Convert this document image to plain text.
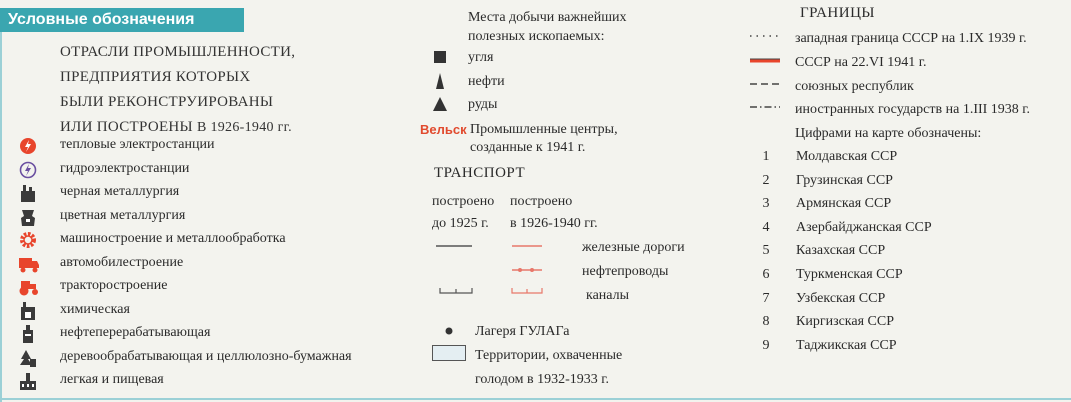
Условные обозначения
ОТРАСЛИ ПРОМЫШЛЕННОСТИ,
ПРЕДПРИЯТИЯ КОТОРЫХ
БЫЛИ РЕКОНСТРУИРОВАНЫ
ИЛИ ПОСТРОЕНЫ В 1926-1940 гг.
тепловые электростанции
гидроэлектростанции
черная металлургия
цветная металлургия
машиностроение и металлообработка
автомобилестроение
тракторостроение
химическая
нефтеперерабатывающая
деревообрабатывающая и целлюлозно-бумажная
легкая и пищевая
Места добычи важнейших
полезных ископаемых:
угля
нефти
руды
Вельск Промышленные центры,
созданные к 1941 г.
ТРАНСПОРТ
построено
до 1925 г.
построено
в 1926-1940 гг.
железные дороги
нефтепроводы
каналы
Лагеря ГУЛАГа
Территории, охваченные
голодом в 1932-1933 г.
ГРАНИЦЫ
западная граница СССР на 1.IX 1939 г.
СССР на 22.VI 1941 г.
союзных республик
иностранных государств на 1.III 1938 г.
Цифрами на карте обозначены:
1	Молдавская ССР
2	Грузинская ССР
3	Армянская ССР
4	Азербайджанская ССР
5	Казахская ССР
6	Туркменская ССР
7	Узбекская ССР
8	Киргизская ССР
9	Таджикская ССР
